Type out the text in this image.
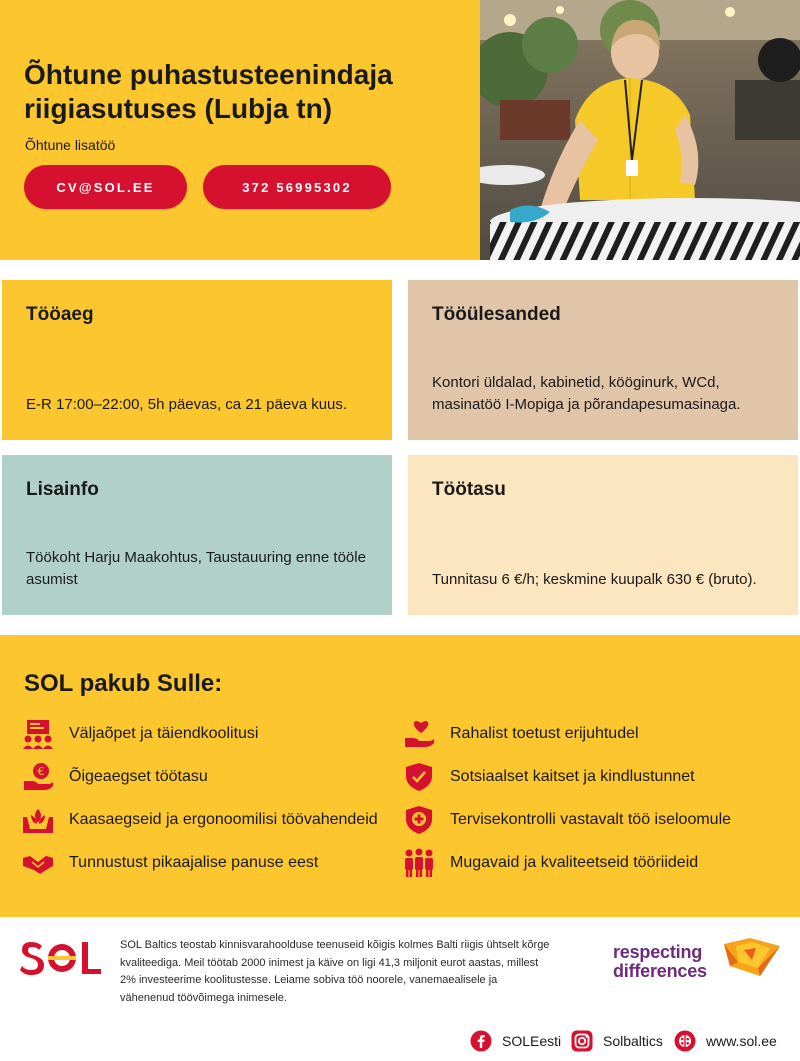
Õhtune puhastusteenindaja riigiasutuses (Lubja tn)
Õhtune lisatöö
CV@SOL.EE	372 56995302
Tööaeg

E-R 17:00–22:00, 5h päevas, ca 21 päeva kuus.

Tööülesanded

Kontori üldalad, kabinetid, kööginurk, WCd, masinatöö I-Mopiga ja põrandapesumasinaga.

Lisainfo

Töökoht Harju Maakohtus, Taustauuring enne tööle asumist

Töötasu

Tunnitasu 6 €/h; keskmine kuupalk 630 € (bruto).

SOL pakub Sulle:
Väljaõpet ja täiendkoolitusi
€ Õigeaegset töötasu
Kaasaegseid ja ergonoomilisi töövahendeid
Tunnustust pikaajalise panuse eest
Rahalist toetust erijuhtudel
Sotsiaalset kaitset ja kindlustunnet
Tervisekontrolli vastavalt töö iseloomule
Mugavaid ja kvaliteetseid tööriideid

SOL Baltics teostab kinnisvarahoolduse teenuseid kõigis kolmes Balti riigis ühtselt kõrge kvaliteediga. Meil töötab 2000 inimest ja käive on ligi 41,3 miljonit eurot aastas, millest 2% investeerime koolitustesse. Leiame sobiva töö noorele, vanemaealisele ja vähenenud töövõimega inimesele.

respecting
differences
SOLEesti	Solbaltics	www.sol.ee
